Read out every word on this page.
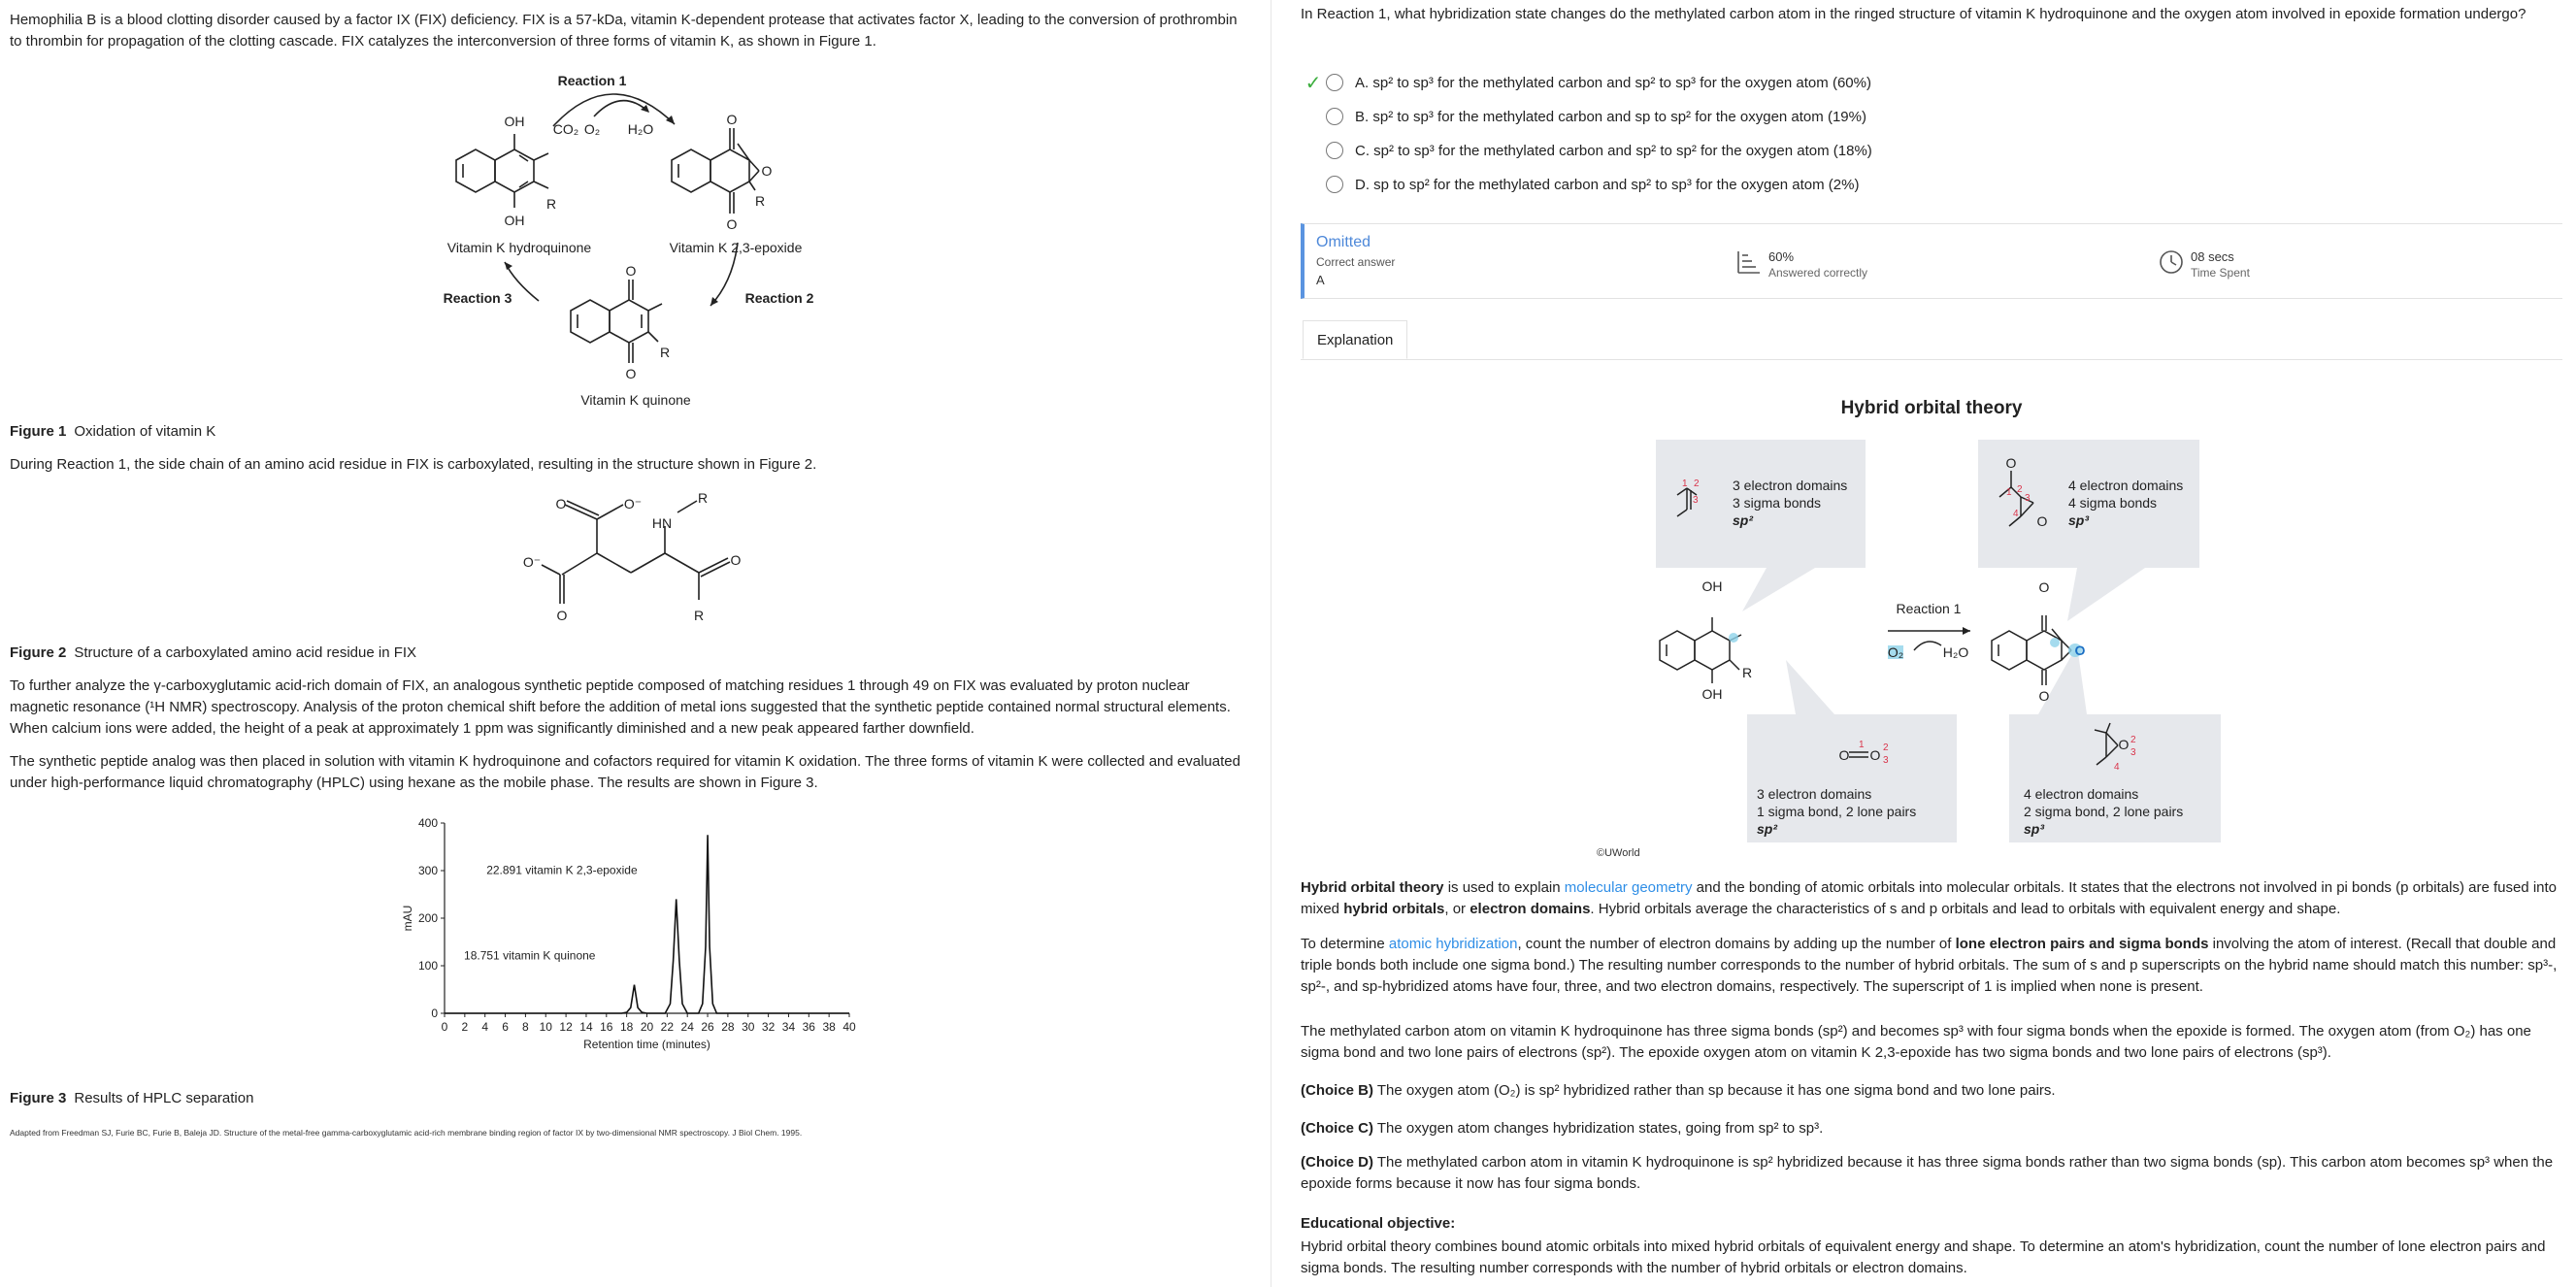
Hemophilia B is a blood clotting disorder caused by a factor IX (FIX) deficiency. FIX is a 57-kDa, vitamin K-dependent protease that activates factor X, leading to the conversion of prothrombin to thrombin for propagation of the clotting cascade. FIX catalyzes the interconversion of three forms of vitamin K, as shown in Figure 1.

Reaction 1
CO₂ O₂ H₂O
OH
OH
R
Vitamin K hydroquinone
O
O
O
R
Vitamin K 2,3-epoxide
Reaction 3	Reaction 2
O
O
R
Vitamin K quinone
Figure 1 Oxidation of vitamin K

During Reaction 1, the side chain of an amino acid residue in FIX is carboxylated, resulting in the structure shown in Figure 2.

O	O⁻	R
HN
O⁻	O
O	R
Figure 2 Structure of a carboxylated amino acid residue in FIX

To further analyze the γ-carboxyglutamic acid-rich domain of FIX, an analogous synthetic peptide composed of matching residues 1 through 49 on FIX was evaluated by proton nuclear magnetic resonance (¹H NMR) spectroscopy. Analysis of the proton chemical shift before the addition of metal ions suggested that the synthetic peptide contained normal structural elements. When calcium ions were added, the height of a peak at approximately 1 ppm was significantly diminished and a new peak appeared farther downfield.

The synthetic peptide analog was then placed in solution with vitamin K hydroquinone and cofactors required for vitamin K oxidation. The three forms of vitamin K were collected and evaluated under high-performance liquid chromatography (HPLC) using hexane as the mobile phase. The results are shown in Figure 3.

0 2 4 6 8 10 12 14 16 18 20 22 24 26 28 30 32 34 36 38 40
0
100
200
300
400
Retention time (minutes)
mAU
18.751 vitamin K quinone
22.891 vitamin K 2,3-epoxide
Figure 3 Results of HPLC separation
Adapted from Freedman SJ, Furie BC, Furie B, Baleja JD. Structure of the metal-free gamma-carboxyglutamic acid-rich membrane binding region of factor IX by two-dimensional NMR spectroscopy. J Biol Chem. 1995.

In Reaction 1, what hybridization state changes do the methylated carbon atom in the ringed structure of vitamin K hydroquinone and the oxygen atom involved in epoxide formation undergo?

✓	A. sp² to sp³ for the methylated carbon and sp² to sp³ for the oxygen atom (60%)
B. sp² to sp³ for the methylated carbon and sp to sp² for the oxygen atom (19%)
C. sp² to sp³ for the methylated carbon and sp² to sp² for the oxygen atom (18%)
D. sp to sp² for the methylated carbon and sp² to sp³ for the oxygen atom (2%)
Omitted
Correct answer
A
60%
Answered correctly
08 secs
Time Spent
Explanation
Hybrid orbital theory
3 electron domains
3 sigma bonds
sp²
4 electron domains
4 sigma bonds
sp³
O
O
OH
OH
R
Reaction 1
O₂	H₂O
O
O
O
O O
O
3 electron domains
1 sigma bond, 2 lone pairs
sp²
4 electron domains
2 sigma bond, 2 lone pairs
sp³
1 2
3
1 2
3
4
1 2
3
4
2
3
©UWorld

Hybrid orbital theory is used to explain molecular geometry and the bonding of atomic orbitals into molecular orbitals. It states that the electrons not involved in pi bonds (p orbitals) are fused into mixed hybrid orbitals, or electron domains. Hybrid orbitals average the characteristics of s and p orbitals and lead to orbitals with equivalent energy and shape.

To determine atomic hybridization, count the number of electron domains by adding up the number of lone electron pairs and sigma bonds involving the atom of interest. (Recall that double and triple bonds both include one sigma bond.) The resulting number corresponds to the number of hybrid orbitals. The sum of s and p superscripts on the hybrid name should match this number: sp³-, sp²-, and sp-hybridized atoms have four, three, and two electron domains, respectively. The superscript of 1 is implied when none is present.

The methylated carbon atom on vitamin K hydroquinone has three sigma bonds (sp²) and becomes sp³ with four sigma bonds when the epoxide is formed. The oxygen atom (from O₂) has one sigma bond and two lone pairs of electrons (sp²). The epoxide oxygen atom on vitamin K 2,3-epoxide has two sigma bonds and two lone pairs of electrons (sp³).

(Choice B) The oxygen atom (O₂) is sp² hybridized rather than sp because it has one sigma bond and two lone pairs.

(Choice C) The oxygen atom changes hybridization states, going from sp² to sp³.

(Choice D) The methylated carbon atom in vitamin K hydroquinone is sp² hybridized because it has three sigma bonds rather than two sigma bonds (sp). This carbon atom becomes sp³ when the epoxide forms because it now has four sigma bonds.

Educational objective:

Hybrid orbital theory combines bound atomic orbitals into mixed hybrid orbitals of equivalent energy and shape. To determine an atom's hybridization, count the number of lone electron pairs and sigma bonds. The resulting number corresponds with the number of hybrid orbitals or electron domains.
